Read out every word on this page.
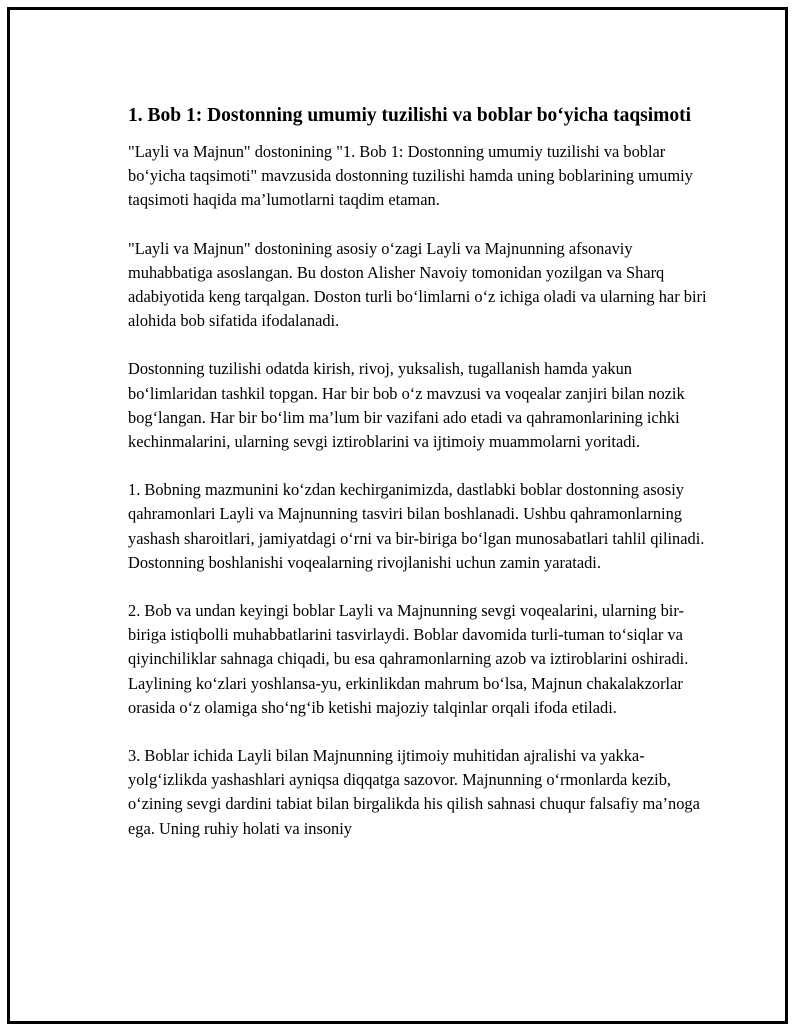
1. Bob 1: Dostonning umumiy tuzilishi va boblar bo‘yicha taqsimoti

"Layli va Majnun" dostonining "1. Bob 1: Dostonning umumiy tuzilishi va boblar bo‘yicha taqsimoti" mavzusida dostonning tuzilishi hamda uning boblarining umumiy taqsimoti haqida ma’lumotlarni taqdim etaman.

"Layli va Majnun" dostonining asosiy o‘zagi Layli va Majnunning afsonaviy muhabbatiga asoslangan. Bu doston Alisher Navoiy tomonidan yozilgan va Sharq adabiyotida keng tarqalgan. Doston turli bo‘limlarni o‘z ichiga oladi va ularning har biri alohida bob sifatida ifodalanadi.

Dostonning tuzilishi odatda kirish, rivoj, yuksalish, tugallanish hamda yakun bo‘limlaridan tashkil topgan. Har bir bob o‘z mavzusi va voqealar zanjiri bilan nozik bog‘langan. Har bir bo‘lim ma’lum bir vazifani ado etadi va qahramonlarining ichki kechinmalarini, ularning sevgi iztiroblarini va ijtimoiy muammolarni yoritadi.

1. Bobning mazmunini ko‘zdan kechirganimizda, dastlabki boblar dostonning asosiy qahramonlari Layli va Majnunning tasviri bilan boshlanadi. Ushbu qahramonlarning yashash sharoitlari, jamiyatdagi o‘rni va bir-biriga bo‘lgan munosabatlari tahlil qilinadi. Dostonning boshlanishi voqealarning rivojlanishi uchun zamin yaratadi.

2. Bob va undan keyingi boblar Layli va Majnunning sevgi voqealarini, ularning bir-biriga istiqbolli muhabbatlarini tasvirlaydi. Boblar davomida turli-tuman to‘siqlar va qiyinchiliklar sahnaga chiqadi, bu esa qahramonlarning azob va iztiroblarini oshiradi. Laylining ko‘zlari yoshlansa-yu, erkinlikdan mahrum bo‘lsa, Majnun chakalakzorlar orasida o‘z olamiga sho‘ng‘ib ketishi majoziy talqinlar orqali ifoda etiladi.

3. Boblar ichida Layli bilan Majnunning ijtimoiy muhitidan ajralishi va yakka-yolg‘izlikda yashashlari ayniqsa diqqatga sazovor. Majnunning o‘rmonlarda kezib, o‘zining sevgi dardini tabiat bilan birgalikda his qilish sahnasi chuqur falsafiy ma’noga ega. Uning ruhiy holati va insoniy
